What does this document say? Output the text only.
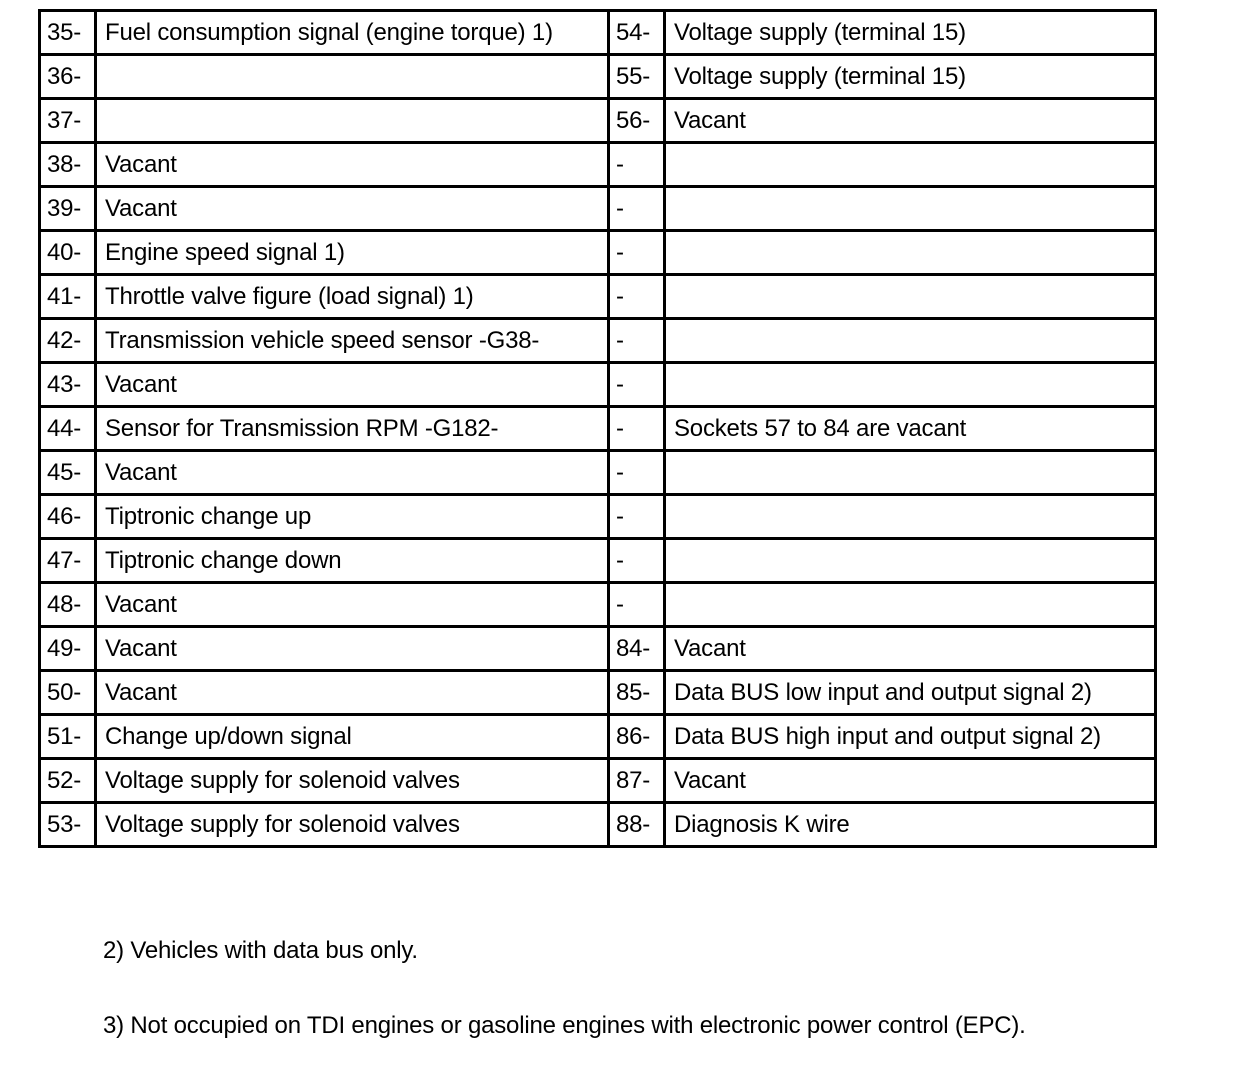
35-	Fuel consumption signal (engine torque) 1)	54-	Voltage supply (terminal 15)
36-		55-	Voltage supply (terminal 15)
37-		56-	Vacant
38-	Vacant	-	
39-	Vacant	-	
40-	Engine speed signal 1)	-	
41-	Throttle valve figure (load signal) 1)	-	
42-	Transmission vehicle speed sensor -G38-	-	
43-	Vacant	-	
44-	Sensor for Transmission RPM -G182-	-	Sockets 57 to 84 are vacant
45-	Vacant	-	
46-	Tiptronic change up	-	
47-	Tiptronic change down	-	
48-	Vacant	-	
49-	Vacant	84-	Vacant
50-	Vacant	85-	Data BUS low input and output signal 2)
51-	Change up/down signal	86-	Data BUS high input and output signal 2)
52-	Voltage supply for solenoid valves	87-	Vacant
53-	Voltage supply for solenoid valves	88-	Diagnosis K wire
2) Vehicles with data bus only.
3) Not occupied on TDI engines or gasoline engines with electronic power control (EPC).
